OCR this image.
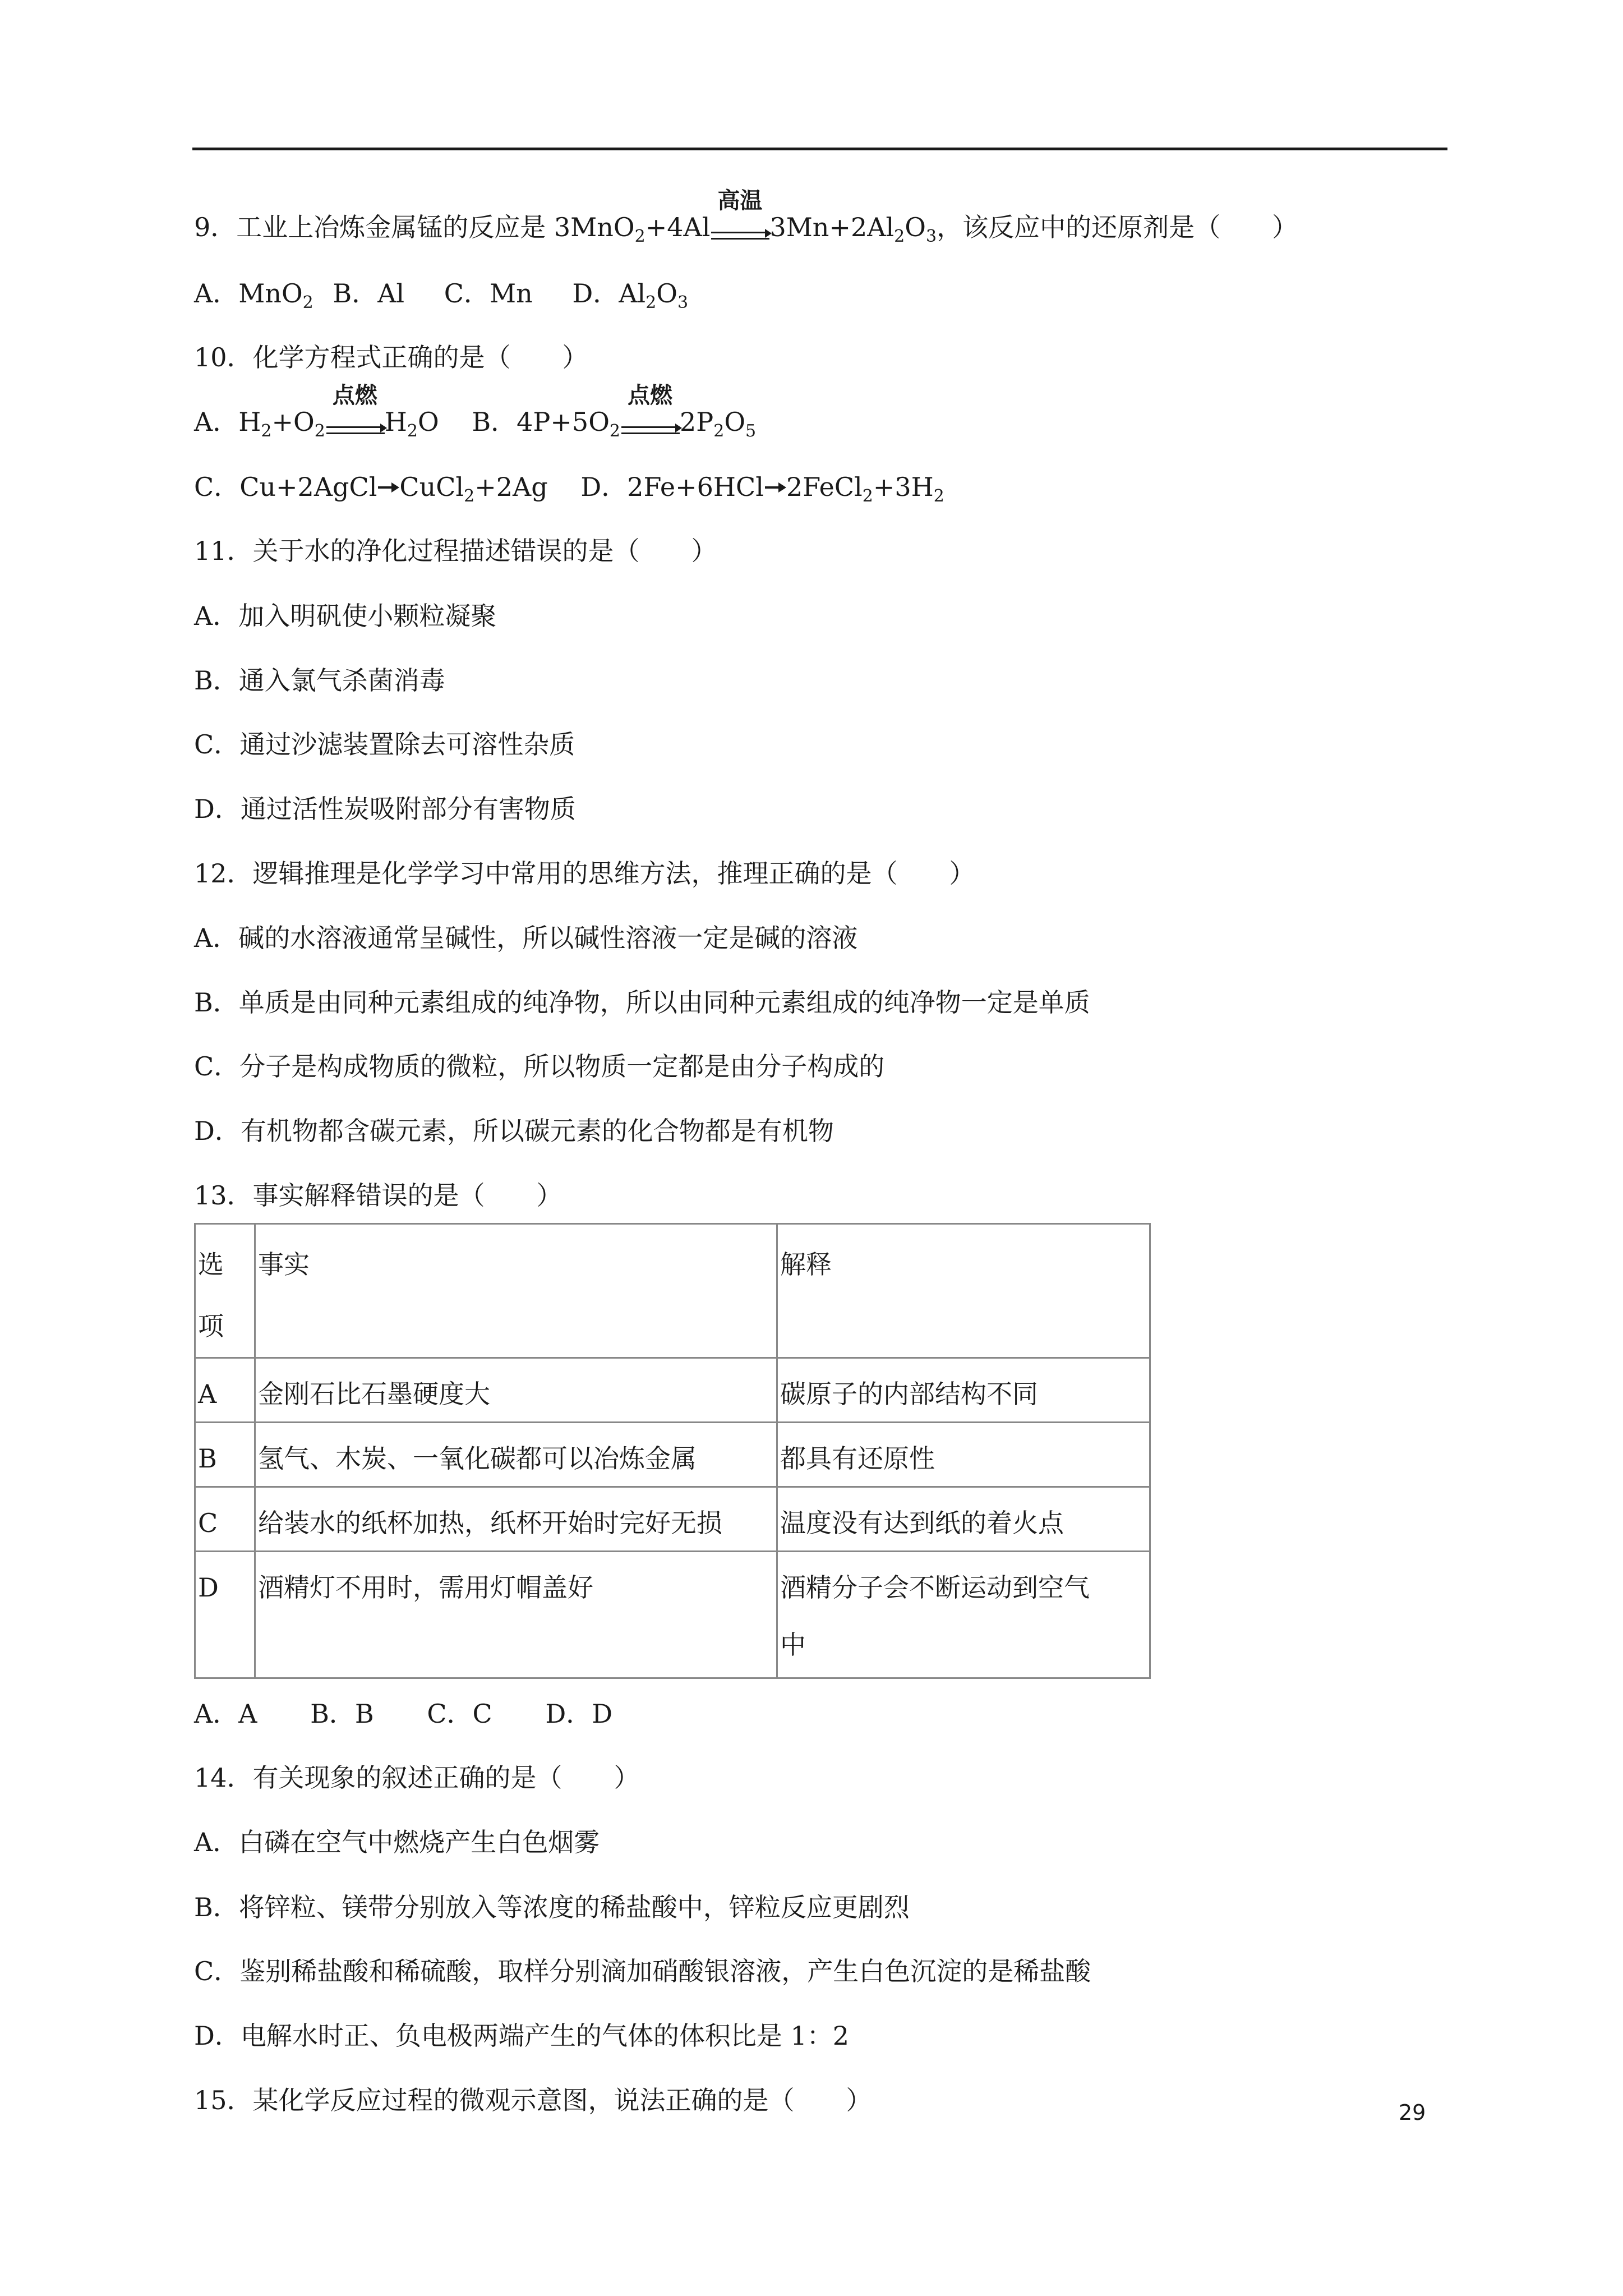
9．工业上冶炼金属锰的反应是 3MnO$_2$+4Al
高温
$3Mn+2Al_2O_3$，该反应中的还原剂是（　　）
A．MnO$_2$ B．Al C．Mn D．$Al_2O_3$
10．化学方程式正确的是（　　）
A．$H_2+O_2$
点燃
$H_2O$ B．$4P+5O_2$
点燃
$2P_2O_5$
C．Cu+2AgCl CuCl$_2$+2Ag D．2Fe+6HCl $2FeCl_2+3H_2$
11．关于水的净化过程描述错误的是（　　）
A．加入明矾使小颗粒凝聚
B．通入氯气杀菌消毒
C．通过沙滤装置除去可溶性杂质
D．通过活性炭吸附部分有害物质
12．逻辑推理是化学学习中常用的思维方法，推理正确的是（　　）
A．碱的水溶液通常呈碱性，所以碱性溶液一定是碱的溶液
B．单质是由同种元素组成的纯净物，所以由同种元素组成的纯净物一定是单质
C．分子是构成物质的微粒，所以物质一定都是由分子构成的
D．有机物都含碳元素，所以碳元素的化合物都是有机物
13．事实解释错误的是（　　）
选
项	事实	解释
A	金刚石比石墨硬度大	碳原子的内部结构不同
B	氢气、木炭、一氧化碳都可以冶炼金属	都具有还原性
C	给装水的纸杯加热，纸杯开始时完好无损	温度没有达到纸的着火点
D	酒精灯不用时，需用灯帽盖好	酒精分子会不断运动到空气
中
A．A B．B C．C D．D
14．有关现象的叙述正确的是（　　）
A．白磷在空气中燃烧产生白色烟雾
B．将锌粒、镁带分别放入等浓度的稀盐酸中，锌粒反应更剧烈
C．鉴别稀盐酸和稀硫酸，取样分别滴加硝酸银溶液，产生白色沉淀的是稀盐酸
D．电解水时正、负电极两端产生的气体的体积比是 1：2
15．某化学反应过程的微观示意图，说法正确的是（　　）	29
